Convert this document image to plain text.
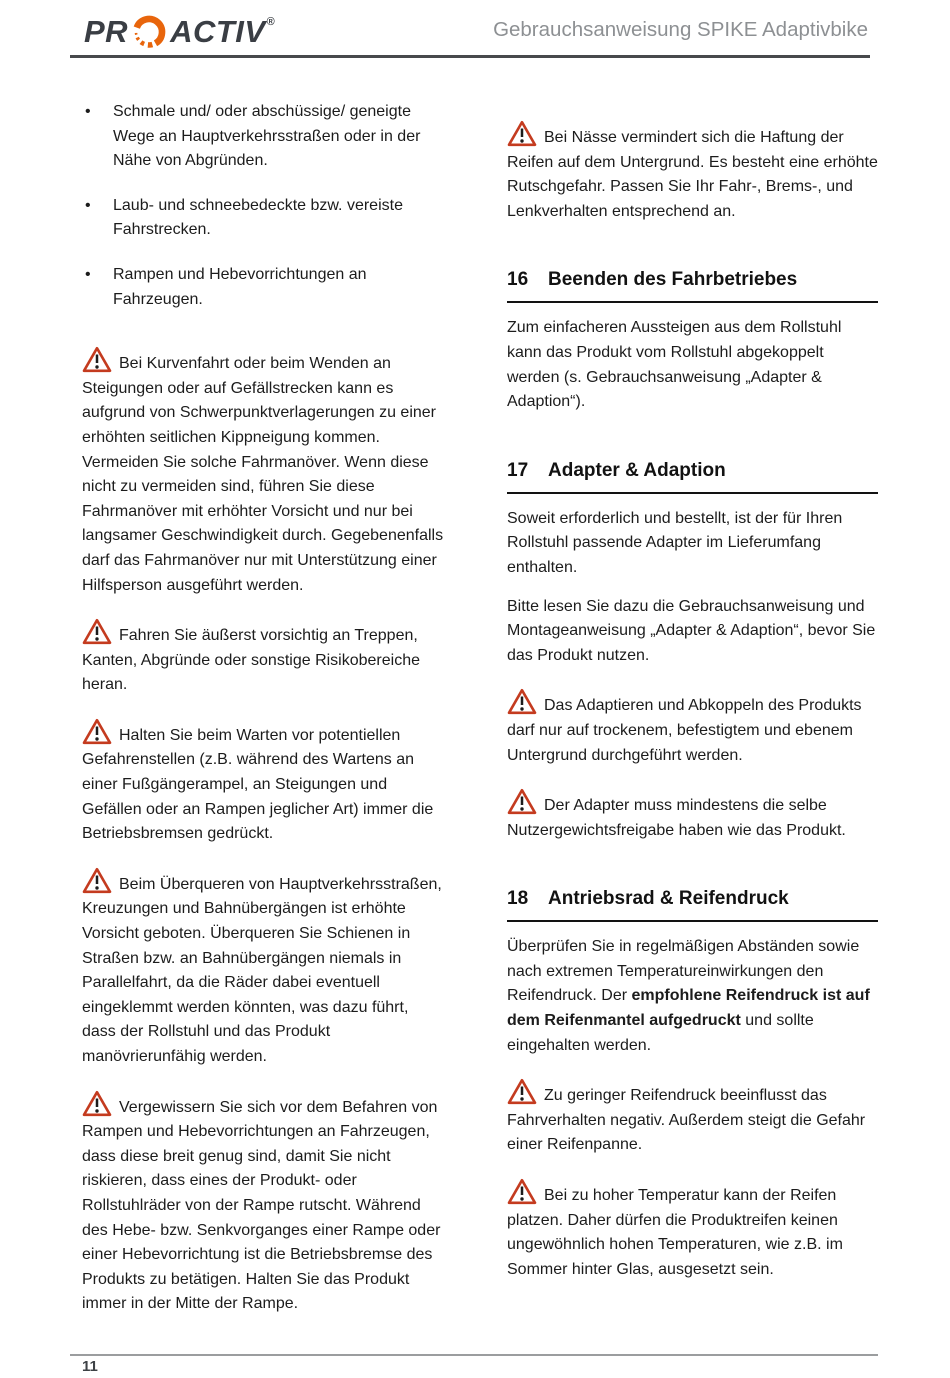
PR ACTIV ®	Gebrauchsanweisung SPIKE Adaptivbike
• Schmale und/ oder abschüssige/ geneigte Wege an Hauptverkehrsstraßen oder in der Nähe von Abgründen.
• Laub- und schneebedeckte bzw. vereiste Fahrstrecken.
• Rampen und Hebevorrichtungen an Fahrzeugen.

Bei Kurvenfahrt oder beim Wenden an Steigungen oder auf Gefällstrecken kann es aufgrund von Schwerpunktverlagerungen zu einer erhöhten seitlichen Kippneigung kommen. Vermeiden Sie solche Fahrmanöver. Wenn diese nicht zu vermeiden sind, führen Sie diese Fahrmanöver mit erhöhter Vorsicht und nur bei langsamer Geschwindigkeit durch. Gegebenenfalls darf das Fahrmanöver nur mit Unterstützung einer Hilfsperson ausgeführt werden.

Fahren Sie äußerst vorsichtig an Treppen, Kanten, Abgründe oder sonstige Risikobereiche heran.

Halten Sie beim Warten vor potentiellen Gefahrenstellen (z.B. während des Wartens an einer Fußgängerampel, an Steigungen und Gefällen oder an Rampen jeglicher Art) immer die Betriebsbremsen gedrückt.

Beim Überqueren von Hauptverkehrsstraßen, Kreuzungen und Bahnübergängen ist erhöhte Vorsicht geboten. Überqueren Sie Schienen in Straßen bzw. an Bahnübergängen niemals in Parallelfahrt, da die Räder dabei eventuell eingeklemmt werden könnten, was dazu führt, dass der Rollstuhl und das Produkt manövrierunfähig werden.

Vergewissern Sie sich vor dem Befahren von Rampen und Hebevorrichtungen an Fahrzeugen, dass diese breit genug sind, damit Sie nicht riskieren, dass eines der Produkt- oder Rollstuhlräder von der Rampe rutscht. Während des Hebe- bzw. Senkvorganges einer Rampe oder einer Hebevorrichtung ist die Betriebsbremse des Produkts zu betätigen. Halten Sie das Produkt immer in der Mitte der Rampe.

Bei Nässe vermindert sich die Haftung der Reifen auf dem Untergrund. Es besteht eine erhöhte Rutschgefahr. Passen Sie Ihr Fahr-, Brems-, und Lenkverhalten entsprechend an.

16	Beenden des Fahrbetriebes

Zum einfacheren Aussteigen aus dem Rollstuhl kann das Produkt vom Rollstuhl abgekoppelt werden (s. Gebrauchsanweisung „Adapter & Adaption“).

17	Adapter & Adaption

Soweit erforderlich und bestellt, ist der für Ihren Rollstuhl passende Adapter im Lieferumfang enthalten.

Bitte lesen Sie dazu die Gebrauchsanweisung und Montageanweisung „Adapter & Adaption“, bevor Sie das Produkt nutzen.

Das Adaptieren und Abkoppeln des Produkts darf nur auf trockenem, befestigtem und ebenem Untergrund durchgeführt werden.

Der Adapter muss mindestens die selbe Nutzergewichtsfreigabe haben wie das Produkt.

18	Antriebsrad & Reifendruck

Überprüfen Sie in regelmäßigen Abständen sowie nach extremen Temperatureinwirkungen den Reifendruck. Der empfohlene Reifendruck ist auf dem Reifenmantel aufgedruckt und sollte eingehalten werden.

Zu geringer Reifendruck beeinflusst das Fahrverhalten negativ. Außerdem steigt die Gefahr einer Reifenpanne.

Bei zu hoher Temperatur kann der Reifen platzen. Daher dürfen die Produktreifen keinen ungewöhnlich hohen Temperaturen, wie z.B. im Sommer hinter Glas, ausgesetzt sein.

11
